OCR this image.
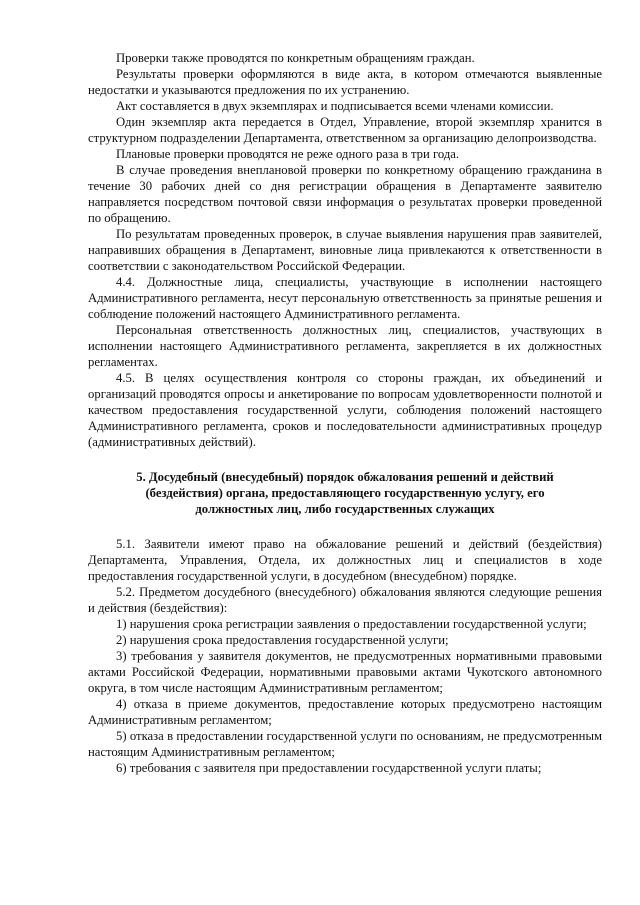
Проверки также проводятся по конкретным обращениям граждан.

Результаты проверки оформляются в виде акта, в котором отмечаются выявленные недостатки и указываются предложения по их устранению.

Акт составляется в двух экземплярах и подписывается всеми членами комиссии.

Один экземпляр акта передается в Отдел, Управление, второй экземпляр хранится в структурном подразделении Департамента, ответственном за организацию делопроизводства.

Плановые проверки проводятся не реже одного раза в три года.

В случае проведения внеплановой проверки по конкретному обращению гражданина в течение 30 рабочих дней со дня регистрации обращения в Департаменте заявителю направляется посредством почтовой связи информация о результатах проверки проведенной по обращению.

По результатам проведенных проверок, в случае выявления нарушения прав заявителей, направивших обращения в Департамент, виновные лица привлекаются к ответственности в соответствии с законодательством Российской Федерации.

4.4. Должностные лица, специалисты, участвующие в исполнении настоящего Административного регламента, несут персональную ответственность за принятые решения и соблюдение положений настоящего Административного регламента.

Персональная ответственность должностных лиц, специалистов, участвующих в исполнении настоящего Административного регламента, закрепляется в их должностных регламентах.

4.5. В целях осуществления контроля со стороны граждан, их объединений и организаций проводятся опросы и анкетирование по вопросам удовлетворенности полнотой и качеством предоставления государственной услуги, соблюдения положений настоящего Административного регламента, сроков и последовательности административных процедур (административных действий).

5. Досудебный (внесудебный) порядок обжалования решений и действий (бездействия) органа, предоставляющего государственную услугу, его должностных лиц, либо государственных служащих

5.1. Заявители имеют право на обжалование решений и действий (бездействия) Департамента, Управления, Отдела, их должностных лиц и специалистов в ходе предоставления государственной услуги, в досудебном (внесудебном) порядке.

5.2. Предметом досудебного (внесудебного) обжалования являются следующие решения и действия (бездействия):

1) нарушения срока регистрации заявления о предоставлении государственной услуги;

2) нарушения срока предоставления государственной услуги;

3) требования у заявителя документов, не предусмотренных нормативными правовыми актами Российской Федерации, нормативными правовыми актами Чукотского автономного округа, в том числе настоящим Административным регламентом;

4) отказа в приеме документов, предоставление которых предусмотрено настоящим Административным регламентом;

5) отказа в предоставлении государственной услуги по основаниям, не предусмотренным настоящим Административным регламентом;

6) требования с заявителя при предоставлении государственной услуги платы;
